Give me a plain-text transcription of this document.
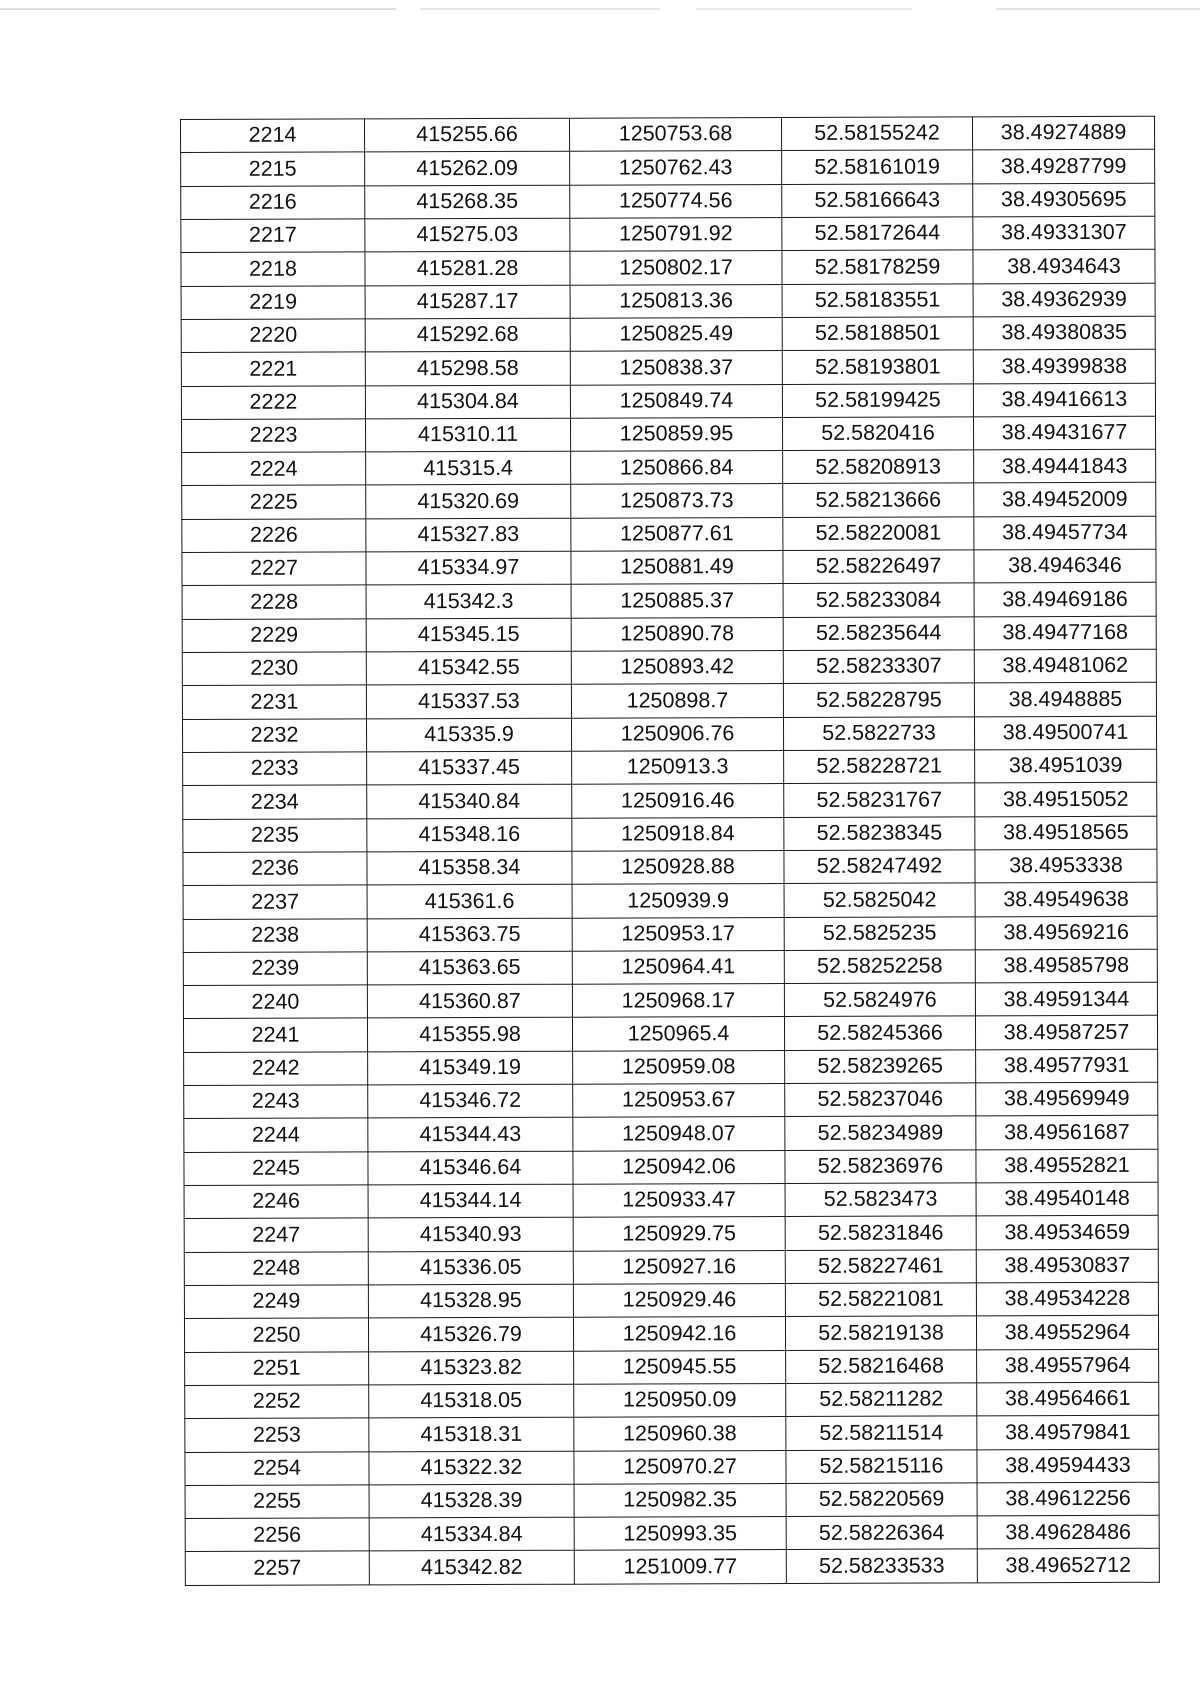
2214	415255.66	1250753.68	52.58155242	38.49274889
2215	415262.09	1250762.43	52.58161019	38.49287799
2216	415268.35	1250774.56	52.58166643	38.49305695
2217	415275.03	1250791.92	52.58172644	38.49331307
2218	415281.28	1250802.17	52.58178259	38.4934643
2219	415287.17	1250813.36	52.58183551	38.49362939
2220	415292.68	1250825.49	52.58188501	38.49380835
2221	415298.58	1250838.37	52.58193801	38.49399838
2222	415304.84	1250849.74	52.58199425	38.49416613
2223	415310.11	1250859.95	52.5820416	38.49431677
2224	415315.4	1250866.84	52.58208913	38.49441843
2225	415320.69	1250873.73	52.58213666	38.49452009
2226	415327.83	1250877.61	52.58220081	38.49457734
2227	415334.97	1250881.49	52.58226497	38.4946346
2228	415342.3	1250885.37	52.58233084	38.49469186
2229	415345.15	1250890.78	52.58235644	38.49477168
2230	415342.55	1250893.42	52.58233307	38.49481062
2231	415337.53	1250898.7	52.58228795	38.4948885
2232	415335.9	1250906.76	52.5822733	38.49500741
2233	415337.45	1250913.3	52.58228721	38.4951039
2234	415340.84	1250916.46	52.58231767	38.49515052
2235	415348.16	1250918.84	52.58238345	38.49518565
2236	415358.34	1250928.88	52.58247492	38.4953338
2237	415361.6	1250939.9	52.5825042	38.49549638
2238	415363.75	1250953.17	52.5825235	38.49569216
2239	415363.65	1250964.41	52.58252258	38.49585798
2240	415360.87	1250968.17	52.5824976	38.49591344
2241	415355.98	1250965.4	52.58245366	38.49587257
2242	415349.19	1250959.08	52.58239265	38.49577931
2243	415346.72	1250953.67	52.58237046	38.49569949
2244	415344.43	1250948.07	52.58234989	38.49561687
2245	415346.64	1250942.06	52.58236976	38.49552821
2246	415344.14	1250933.47	52.5823473	38.49540148
2247	415340.93	1250929.75	52.58231846	38.49534659
2248	415336.05	1250927.16	52.58227461	38.49530837
2249	415328.95	1250929.46	52.58221081	38.49534228
2250	415326.79	1250942.16	52.58219138	38.49552964
2251	415323.82	1250945.55	52.58216468	38.49557964
2252	415318.05	1250950.09	52.58211282	38.49564661
2253	415318.31	1250960.38	52.58211514	38.49579841
2254	415322.32	1250970.27	52.58215116	38.49594433
2255	415328.39	1250982.35	52.58220569	38.49612256
2256	415334.84	1250993.35	52.58226364	38.49628486
2257	415342.82	1251009.77	52.58233533	38.49652712
